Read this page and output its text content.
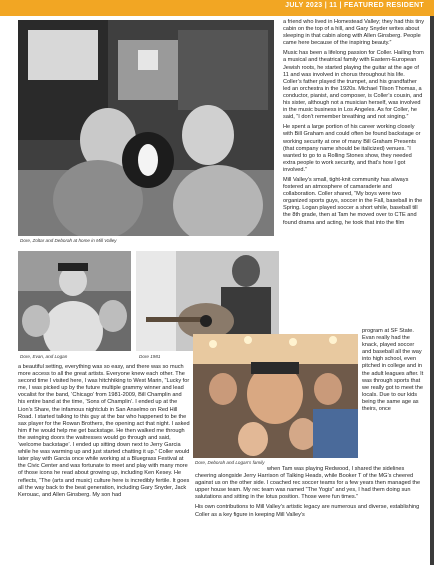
JULY 2023 | 11 | FEATURED RESIDENT
Dore, Zoltar and Deborah at home in Mill Valley
Dore, Evan, and Logan	Dore 1981
Dore, Deborah and Logan's family

a friend who lived in Homestead Valley; they had this tiny cabin on the top of a hill, and Gary Snyder writes about sleeping in that cabin along with Allen Ginsberg. People came here because of the inspiring beauty.”

Music has been a lifelong passion for Coller. Hailing from a musical and theatrical family with Eastern-European Jewish roots, he started playing the guitar at the age of 11 and was involved in chorus throughout his life. Coller’s father played the trumpet, and his grandfather led an orchestra in the 1920s. Michael Tilson Thomas, a conductor, pianist, and composer, is Coller’s cousin, and his sister, although not a musician herself, was involved in the music business in Los Angeles. As for Coller, he said, “I don’t remember breathing and not singing.”

He spent a large portion of his career working closely with Bill Graham and could often be found backstage or working security at one of many Bill Graham Presents (that company name should be italicized) venues. “I wanted to go to a Rolling Stones show, they needed extra people to work security, and that’s how I got involved.”

Mill Valley’s small, tight-knit community has always fostered an atmosphere of camaraderie and collaboration. Coller shared, “My boys were two organized sports guys, soccer in the Fall, baseball in the Spring. Logan played soccer a short while, baseball till the 8th grade, then at Tam he moved over to CTE and found drama and acting, he took that into the film

program at SF State. Evan really had the knack, played soccer and baseball all the way into high school, even pitched in college and in the adult leagues after. It was through sports that we really got to meet the locals. Due to our kids being the same age as theirs, once

a beautiful setting, everything was so easy, and there was so much more access to all the great artists. Everyone knew each other. The second time I visited here, I was hitchhiking to West Marin, “Lucky for me, I was picked up by the future multiple grammy winner and lead vocalist for the band, ‘Chicago’ from 1981-2009, Bill Champlin and his entire band at the time, ‘Sons of Champlin’. I ended up at the Lion’s Share, the infamous nightclub in San Anselmo on Red Hill Road. I started talking to this guy at the bar who happened to be the sax player for the Rowan Brothers, the opening act that night. I asked him if he would help me get backstage. He then walked me through the swinging doors the waitresses would go through and said, ‘welcome backstage’. I ended up sitting down next to Jerry Garcia while he was warming up and just started chatting it up.” Coller would later play with Garcia once while working at a Bluegrass Festival at the Civic Center and was fortunate to meet and play with many more of those icons he read about growing up, including Ken Kesey. He reflects, “The (arts and music) culture here is incredibly fertile. It goes all the way back to the beat generation, including Gary Snyder, Jack Kerouac, and Allen Ginsberg. My son had

when Tam was playing Redwood, I shared the sidelines cheering alongside Jerry Harrison of Talking Heads, while Booker T of the MG’s cheered against us on the other side. I coached rec soccer teams for a few years then managed the upper house team. My rec team was named “The Yogis” and yes, I had them doing sun salutations and sitting in the lotus position. Those were fun times.”

His own contributions to Mill Valley’s artistic legacy are numerous and diverse, establishing Coller as a key figure in keeping Mill Valley’s
